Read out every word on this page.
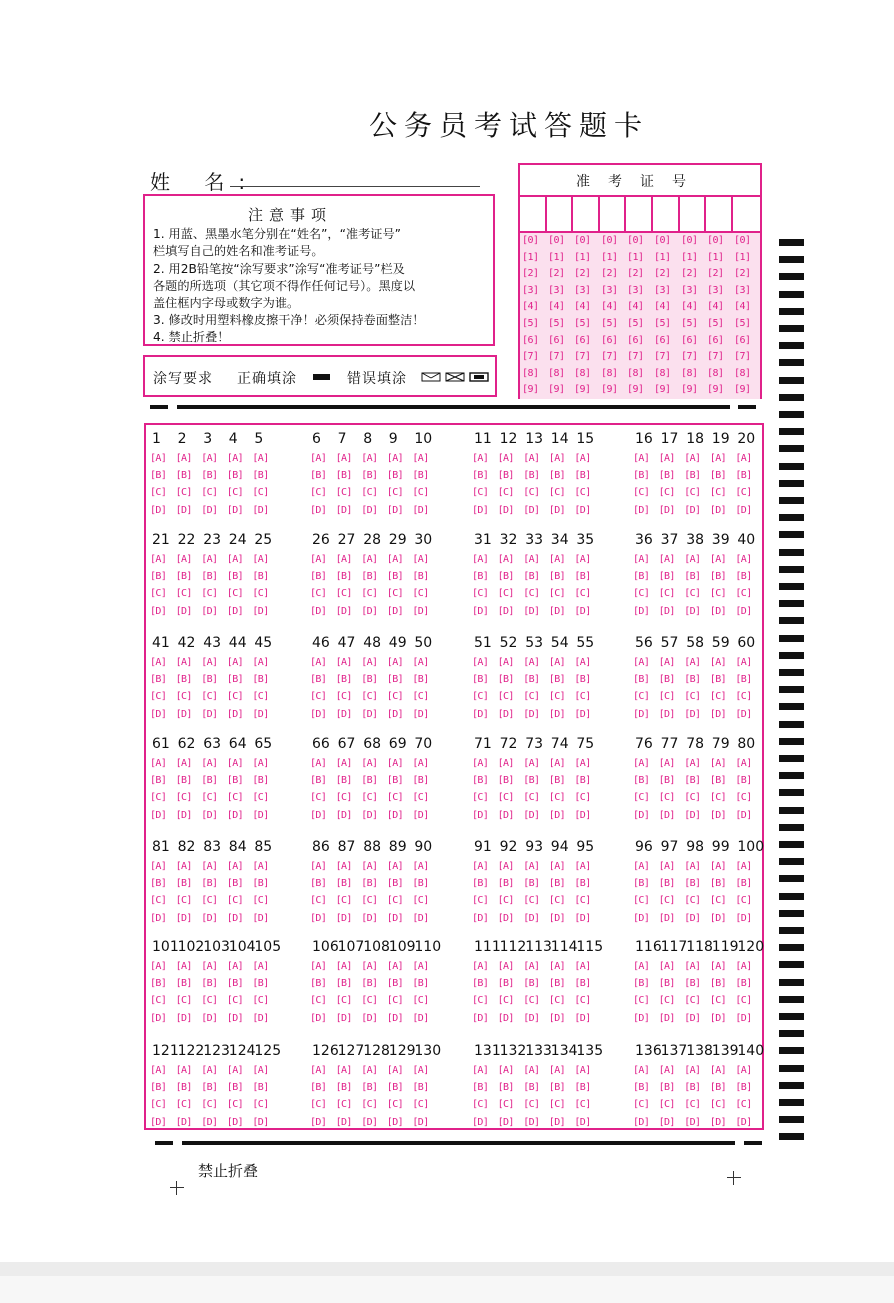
公务员考试答题卡
姓 名:
注意事项
1. 用蓝、黑墨水笔分别在“姓名”，“准考证号”
栏填写自己的姓名和准考证号。
2. 用2B铅笔按“涂写要求”涂写“准考证号”栏及
各题的所选项（其它项不得作任何记号）。黑度以
盖住框内字母或数字为谁。
3. 修改时用塑料橡皮擦干净！必须保持卷面整洁！
4. 禁止折叠！
涂写要求 正确填涂	错误填涂
准考证号
[0] [0] [0] [0] [0] [0] [0] [0] [0]
[1] [1] [1] [1] [1] [1] [1] [1] [1]
[2] [2] [2] [2] [2] [2] [2] [2] [2]
[3] [3] [3] [3] [3] [3] [3] [3] [3]
[4] [4] [4] [4] [4] [4] [4] [4] [4]
[5] [5] [5] [5] [5] [5] [5] [5] [5]
[6] [6] [6] [6] [6] [6] [6] [6] [6]
[7] [7] [7] [7] [7] [7] [7] [7] [7]
[8] [8] [8] [8] [8] [8] [8] [8] [8]
[9] [9] [9] [9] [9] [9] [9] [9] [9]
1
[A]
[B]
[C]
[D]
2
[A]
[B]
[C]
[D]
3
[A]
[B]
[C]
[D]
4
[A]
[B]
[C]
[D]
5
[A]
[B]
[C]
[D]
6
[A]
[B]
[C]
[D]
7
[A]
[B]
[C]
[D]
8
[A]
[B]
[C]
[D]
9
[A]
[B]
[C]
[D]
10
[A]
[B]
[C]
[D]
11
[A]
[B]
[C]
[D]
12
[A]
[B]
[C]
[D]
13
[A]
[B]
[C]
[D]
14
[A]
[B]
[C]
[D]
15
[A]
[B]
[C]
[D]
16
[A]
[B]
[C]
[D]
17
[A]
[B]
[C]
[D]
18
[A]
[B]
[C]
[D]
19
[A]
[B]
[C]
[D]
20
[A]
[B]
[C]
[D]
21
[A]
[B]
[C]
[D]
22
[A]
[B]
[C]
[D]
23
[A]
[B]
[C]
[D]
24
[A]
[B]
[C]
[D]
25
[A]
[B]
[C]
[D]
26
[A]
[B]
[C]
[D]
27
[A]
[B]
[C]
[D]
28
[A]
[B]
[C]
[D]
29
[A]
[B]
[C]
[D]
30
[A]
[B]
[C]
[D]
31
[A]
[B]
[C]
[D]
32
[A]
[B]
[C]
[D]
33
[A]
[B]
[C]
[D]
34
[A]
[B]
[C]
[D]
35
[A]
[B]
[C]
[D]
36
[A]
[B]
[C]
[D]
37
[A]
[B]
[C]
[D]
38
[A]
[B]
[C]
[D]
39
[A]
[B]
[C]
[D]
40
[A]
[B]
[C]
[D]
41
[A]
[B]
[C]
[D]
42
[A]
[B]
[C]
[D]
43
[A]
[B]
[C]
[D]
44
[A]
[B]
[C]
[D]
45
[A]
[B]
[C]
[D]
46
[A]
[B]
[C]
[D]
47
[A]
[B]
[C]
[D]
48
[A]
[B]
[C]
[D]
49
[A]
[B]
[C]
[D]
50
[A]
[B]
[C]
[D]
51
[A]
[B]
[C]
[D]
52
[A]
[B]
[C]
[D]
53
[A]
[B]
[C]
[D]
54
[A]
[B]
[C]
[D]
55
[A]
[B]
[C]
[D]
56
[A]
[B]
[C]
[D]
57
[A]
[B]
[C]
[D]
58
[A]
[B]
[C]
[D]
59
[A]
[B]
[C]
[D]
60
[A]
[B]
[C]
[D]
61
[A]
[B]
[C]
[D]
62
[A]
[B]
[C]
[D]
63
[A]
[B]
[C]
[D]
64
[A]
[B]
[C]
[D]
65
[A]
[B]
[C]
[D]
66
[A]
[B]
[C]
[D]
67
[A]
[B]
[C]
[D]
68
[A]
[B]
[C]
[D]
69
[A]
[B]
[C]
[D]
70
[A]
[B]
[C]
[D]
71
[A]
[B]
[C]
[D]
72
[A]
[B]
[C]
[D]
73
[A]
[B]
[C]
[D]
74
[A]
[B]
[C]
[D]
75
[A]
[B]
[C]
[D]
76
[A]
[B]
[C]
[D]
77
[A]
[B]
[C]
[D]
78
[A]
[B]
[C]
[D]
79
[A]
[B]
[C]
[D]
80
[A]
[B]
[C]
[D]
81
[A]
[B]
[C]
[D]
82
[A]
[B]
[C]
[D]
83
[A]
[B]
[C]
[D]
84
[A]
[B]
[C]
[D]
85
[A]
[B]
[C]
[D]
86
[A]
[B]
[C]
[D]
87
[A]
[B]
[C]
[D]
88
[A]
[B]
[C]
[D]
89
[A]
[B]
[C]
[D]
90
[A]
[B]
[C]
[D]
91
[A]
[B]
[C]
[D]
92
[A]
[B]
[C]
[D]
93
[A]
[B]
[C]
[D]
94
[A]
[B]
[C]
[D]
95
[A]
[B]
[C]
[D]
96
[A]
[B]
[C]
[D]
97
[A]
[B]
[C]
[D]
98
[A]
[B]
[C]
[D]
99
[A]
[B]
[C]
[D]
100
[A]
[B]
[C]
[D]
101
[A]
[B]
[C]
[D]
102
[A]
[B]
[C]
[D]
103
[A]
[B]
[C]
[D]
104
[A]
[B]
[C]
[D]
105
[A]
[B]
[C]
[D]
106
[A]
[B]
[C]
[D]
107
[A]
[B]
[C]
[D]
108
[A]
[B]
[C]
[D]
109
[A]
[B]
[C]
[D]
110
[A]
[B]
[C]
[D]
111
[A]
[B]
[C]
[D]
112
[A]
[B]
[C]
[D]
113
[A]
[B]
[C]
[D]
114
[A]
[B]
[C]
[D]
115
[A]
[B]
[C]
[D]
116
[A]
[B]
[C]
[D]
117
[A]
[B]
[C]
[D]
118
[A]
[B]
[C]
[D]
119
[A]
[B]
[C]
[D]
120
[A]
[B]
[C]
[D]
121
[A]
[B]
[C]
[D]
122
[A]
[B]
[C]
[D]
123
[A]
[B]
[C]
[D]
124
[A]
[B]
[C]
[D]
125
[A]
[B]
[C]
[D]
126
[A]
[B]
[C]
[D]
127
[A]
[B]
[C]
[D]
128
[A]
[B]
[C]
[D]
129
[A]
[B]
[C]
[D]
130
[A]
[B]
[C]
[D]
131
[A]
[B]
[C]
[D]
132
[A]
[B]
[C]
[D]
133
[A]
[B]
[C]
[D]
134
[A]
[B]
[C]
[D]
135
[A]
[B]
[C]
[D]
136
[A]
[B]
[C]
[D]
137
[A]
[B]
[C]
[D]
138
[A]
[B]
[C]
[D]
139
[A]
[B]
[C]
[D]
140
[A]
[B]
[C]
[D]
禁止折叠
